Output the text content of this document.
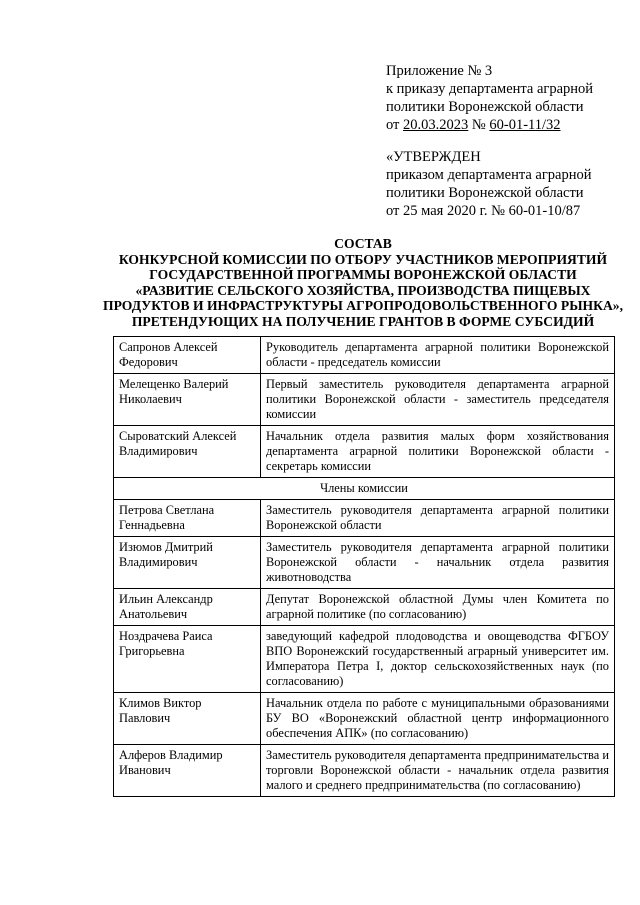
Приложение № 3
к приказу департамента аграрной
политики Воронежской области
от 20.03.2023 № 60-01-11/32
«УТВЕРЖДЕН
приказом департамента аграрной
политики Воронежской области
от 25 мая 2020 г. № 60-01-10/87
СОСТАВ
КОНКУРСНОЙ КОМИССИИ ПО ОТБОРУ УЧАСТНИКОВ МЕРОПРИЯТИЙ
ГОСУДАРСТВЕННОЙ ПРОГРАММЫ ВОРОНЕЖСКОЙ ОБЛАСТИ
«РАЗВИТИЕ СЕЛЬСКОГО ХОЗЯЙСТВА, ПРОИЗВОДСТВА ПИЩЕВЫХ
ПРОДУКТОВ И ИНФРАСТРУКТУРЫ АГРОПРОДОВОЛЬСТВЕННОГО РЫНКА»,
ПРЕТЕНДУЮЩИХ НА ПОЛУЧЕНИЕ ГРАНТОВ В ФОРМЕ СУБСИДИЙ
Сапронов Алексей Федорович	Руководитель департамента аграрной политики Воронежской области - председатель комиссии
Мелещенко Валерий Николаевич	Первый заместитель руководителя департамента аграрной политики Воронежской области - заместитель председателя комиссии
Сыроватский Алексей Владимирович	Начальник отдела развития малых форм хозяйствования департамента аграрной политики Воронежской области - секретарь комиссии
Члены комиссии	
Петрова Светлана Геннадьевна	Заместитель руководителя департамента аграрной политики Воронежской области
Изюмов Дмитрий Владимирович	Заместитель руководителя департамента аграрной политики Воронежской области - начальник отдела развития животноводства
Ильин Александр Анатольевич	Депутат Воронежской областной Думы член Комитета по аграрной политике (по согласованию)
Ноздрачева Раиса Григорьевна	заведующий кафедрой плодоводства и овощеводства ФГБОУ ВПО Воронежский государственный аграрный университет им. Императора Петра I, доктор сельскохозяйственных наук (по согласованию)
Климов Виктор Павлович	Начальник отдела по работе с муниципальными образованиями БУ ВО «Воронежский областной центр информационного обеспечения АПК» (по согласованию)
Алферов Владимир Иванович	Заместитель руководителя департамента предпринимательства и торговли Воронежской области - начальник отдела развития малого и среднего предпринимательства (по согласованию)
